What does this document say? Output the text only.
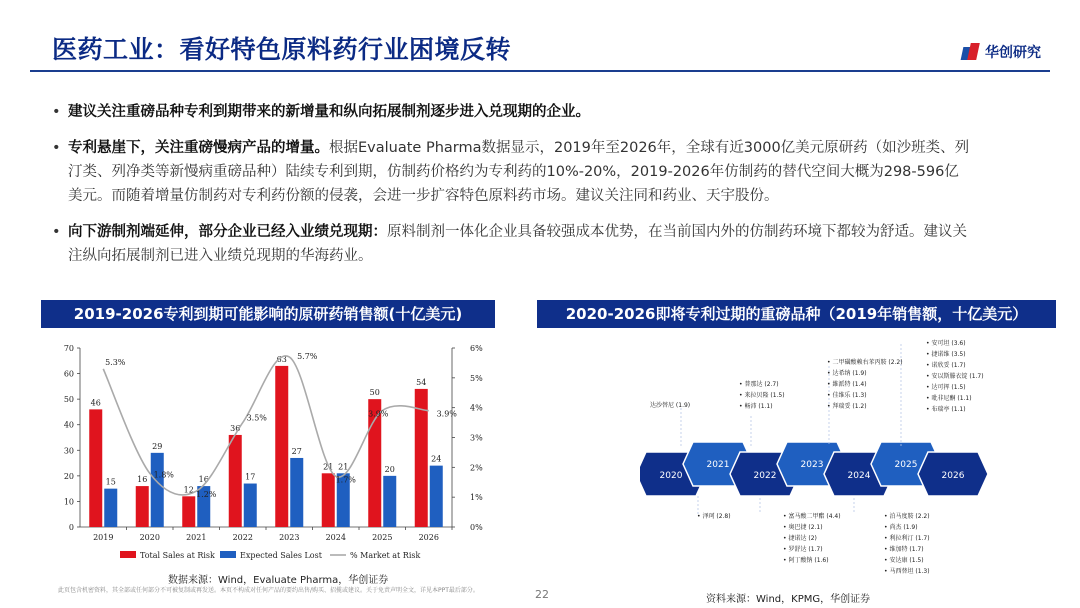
医药工业：看好特色原料药行业困境反转	华创研究
• 建议关注重磅品种专利到期带来的新增量和纵向拓展制剂逐步进入兑现期的企业。
• 专利悬崖下，关注重磅慢病产品的增量。根据Evaluate Pharma数据显示，2019年至2026年，全球有近3000亿美元原研药（如沙班类、列汀类、列净类等新慢病重磅品种）陆续专利到期，仿制药价格约为专利药的10%-20%，2019-2026年仿制药的替代空间大概为298-596亿美元。而随着增量仿制药对专利药份额的侵袭，会进一步扩容特色原料药市场。建议关注同和药业、天宇股份。
• 向下游制剂端延伸，部分企业已经入业绩兑现期：原料制剂一体化企业具备较强成本优势，在当前国内外的仿制药环境下都较为舒适。建议关注纵向拓展制剂已进入业绩兑现期的华海药业。
2019-2026专利到期可能影响的原研药销售额(十亿美元)	2020-2026即将专利过期的重磅品种（2019年销售额，十亿美元）
0
10
20
30
40
50
60
70
0%
1%
2%
3%
4%
5%
6%
2019
46
15
2020
16
29
2021
12
16
2022
36
17
2023
63
27
2024
21 21
2025
50
20
2026
54
24
5.3%
1.8%
1.2%
3.5%
5.7%
1.7%
3.9%	3.9%
Total Sales at Risk	Expected Sales Lost	% Market at Risk
2020
2021
2022
2023
2024
2025
2026
达沙替尼 (1.9)
• 普那达 (2.7)
• 来拉贝隆 (1.5)
• 畅沛 (1.1)
• 二甲磺酸赖右苯丙胺 (2.2)
• 达希纳 (1.9)
• 維派特 (1.4)
• 佳维乐 (1.3)
• 拜瑞妥 (1.2)
• 安可坦 (3.6)
• 捷诺维 (3.5)
• 诺欣妥 (1.7)
• 安以斯滕衣锭 (1.7)
• 达可挥 (1.5)
• 吡非尼酮 (1.1)
• 布瑞亭 (1.1)
• 泽珂 (2.8)
•	富马酸二甲酯 (4.4)
• 奥巴捷 (2.1)
• 捷诺达 (2)
• 罗舒达 (1.7)
• 阿丁酸钠 (1.6)
• 泊马度胺 (2.2)
• 尚杰 (1.9)
• 利拉利汀 (1.7)
• 维加特 (1.7)
• 安达康 (1.5)
• 马西替坦 (1.3)
数据来源：Wind，Evaluate Pharma，华创证券
此页包含机密资料，其全部或任何部分不可被复制或再发送。本页不构成对任何产品的要约出售/购买、招揽或建议。关于免责声明全文，详见本PPT最后部分。	22	资料来源：Wind，KPMG，华创证券
